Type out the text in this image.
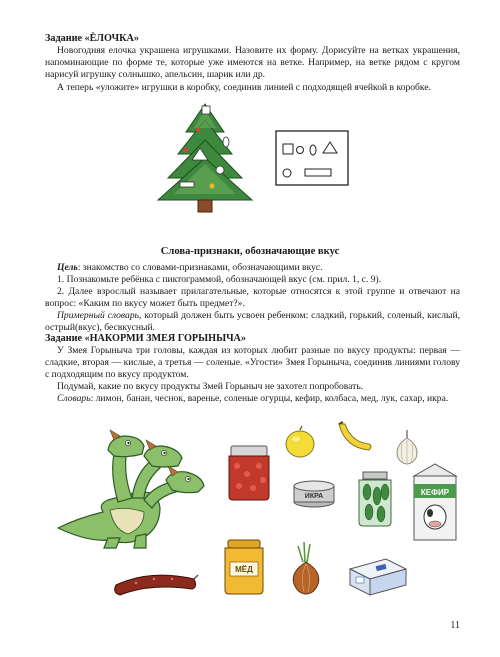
Задание «ЁЛОЧКА»
Новогодняя елочка украшена игрушками. Назовите их форму. Дорисуйте на ветках украшения, напоминающие по форме те, которые уже имеются на ветке. Например, на ветке рядом с кругом нарисуй игрушку солнышко, апельсин, шарик или др.
А теперь «уложите» игрушки в коробку, соединив линией с подходящей ячейкой в коробке.
Слова-признаки, обозначающие вкус
Цель: знакомство со словами-признаками, обозначающими вкус.
1. Познакомьте ребёнка с пиктограммой, обозначающей вкус (см. прил. 1, с. 9).
2. Далее взрослый называет прилагательные, которые относятся к этой группе и отвечают на вопрос: «Каким по вкусу может быть предмет?».
Примерный словарь, который должен быть усвоен ребенком: сладкий, горький, соленый, кислый, острый(вкус), бесвкусный.
Задание «НАКОРМИ ЗМЕЯ ГОРЫНЫЧА»
У Змея Горыныча три головы, каждая из которых любит разные по вкусу продукты: первая — сладкие, вторая — кислые, а третья — соленые. «Угости» Змея Горыныча, соединив линиями голову с подходящим по вкусу продуктом.
Подумай, какие по вкусу продукты Змей Горыныч не захотел попробовать.
Словарь: лимон, банан, чеснок, варенье, соленые огурцы, кефир, колбаса, мед, лук, сахар, икра.
ИКРА	КЕФИР
МЁД
11
